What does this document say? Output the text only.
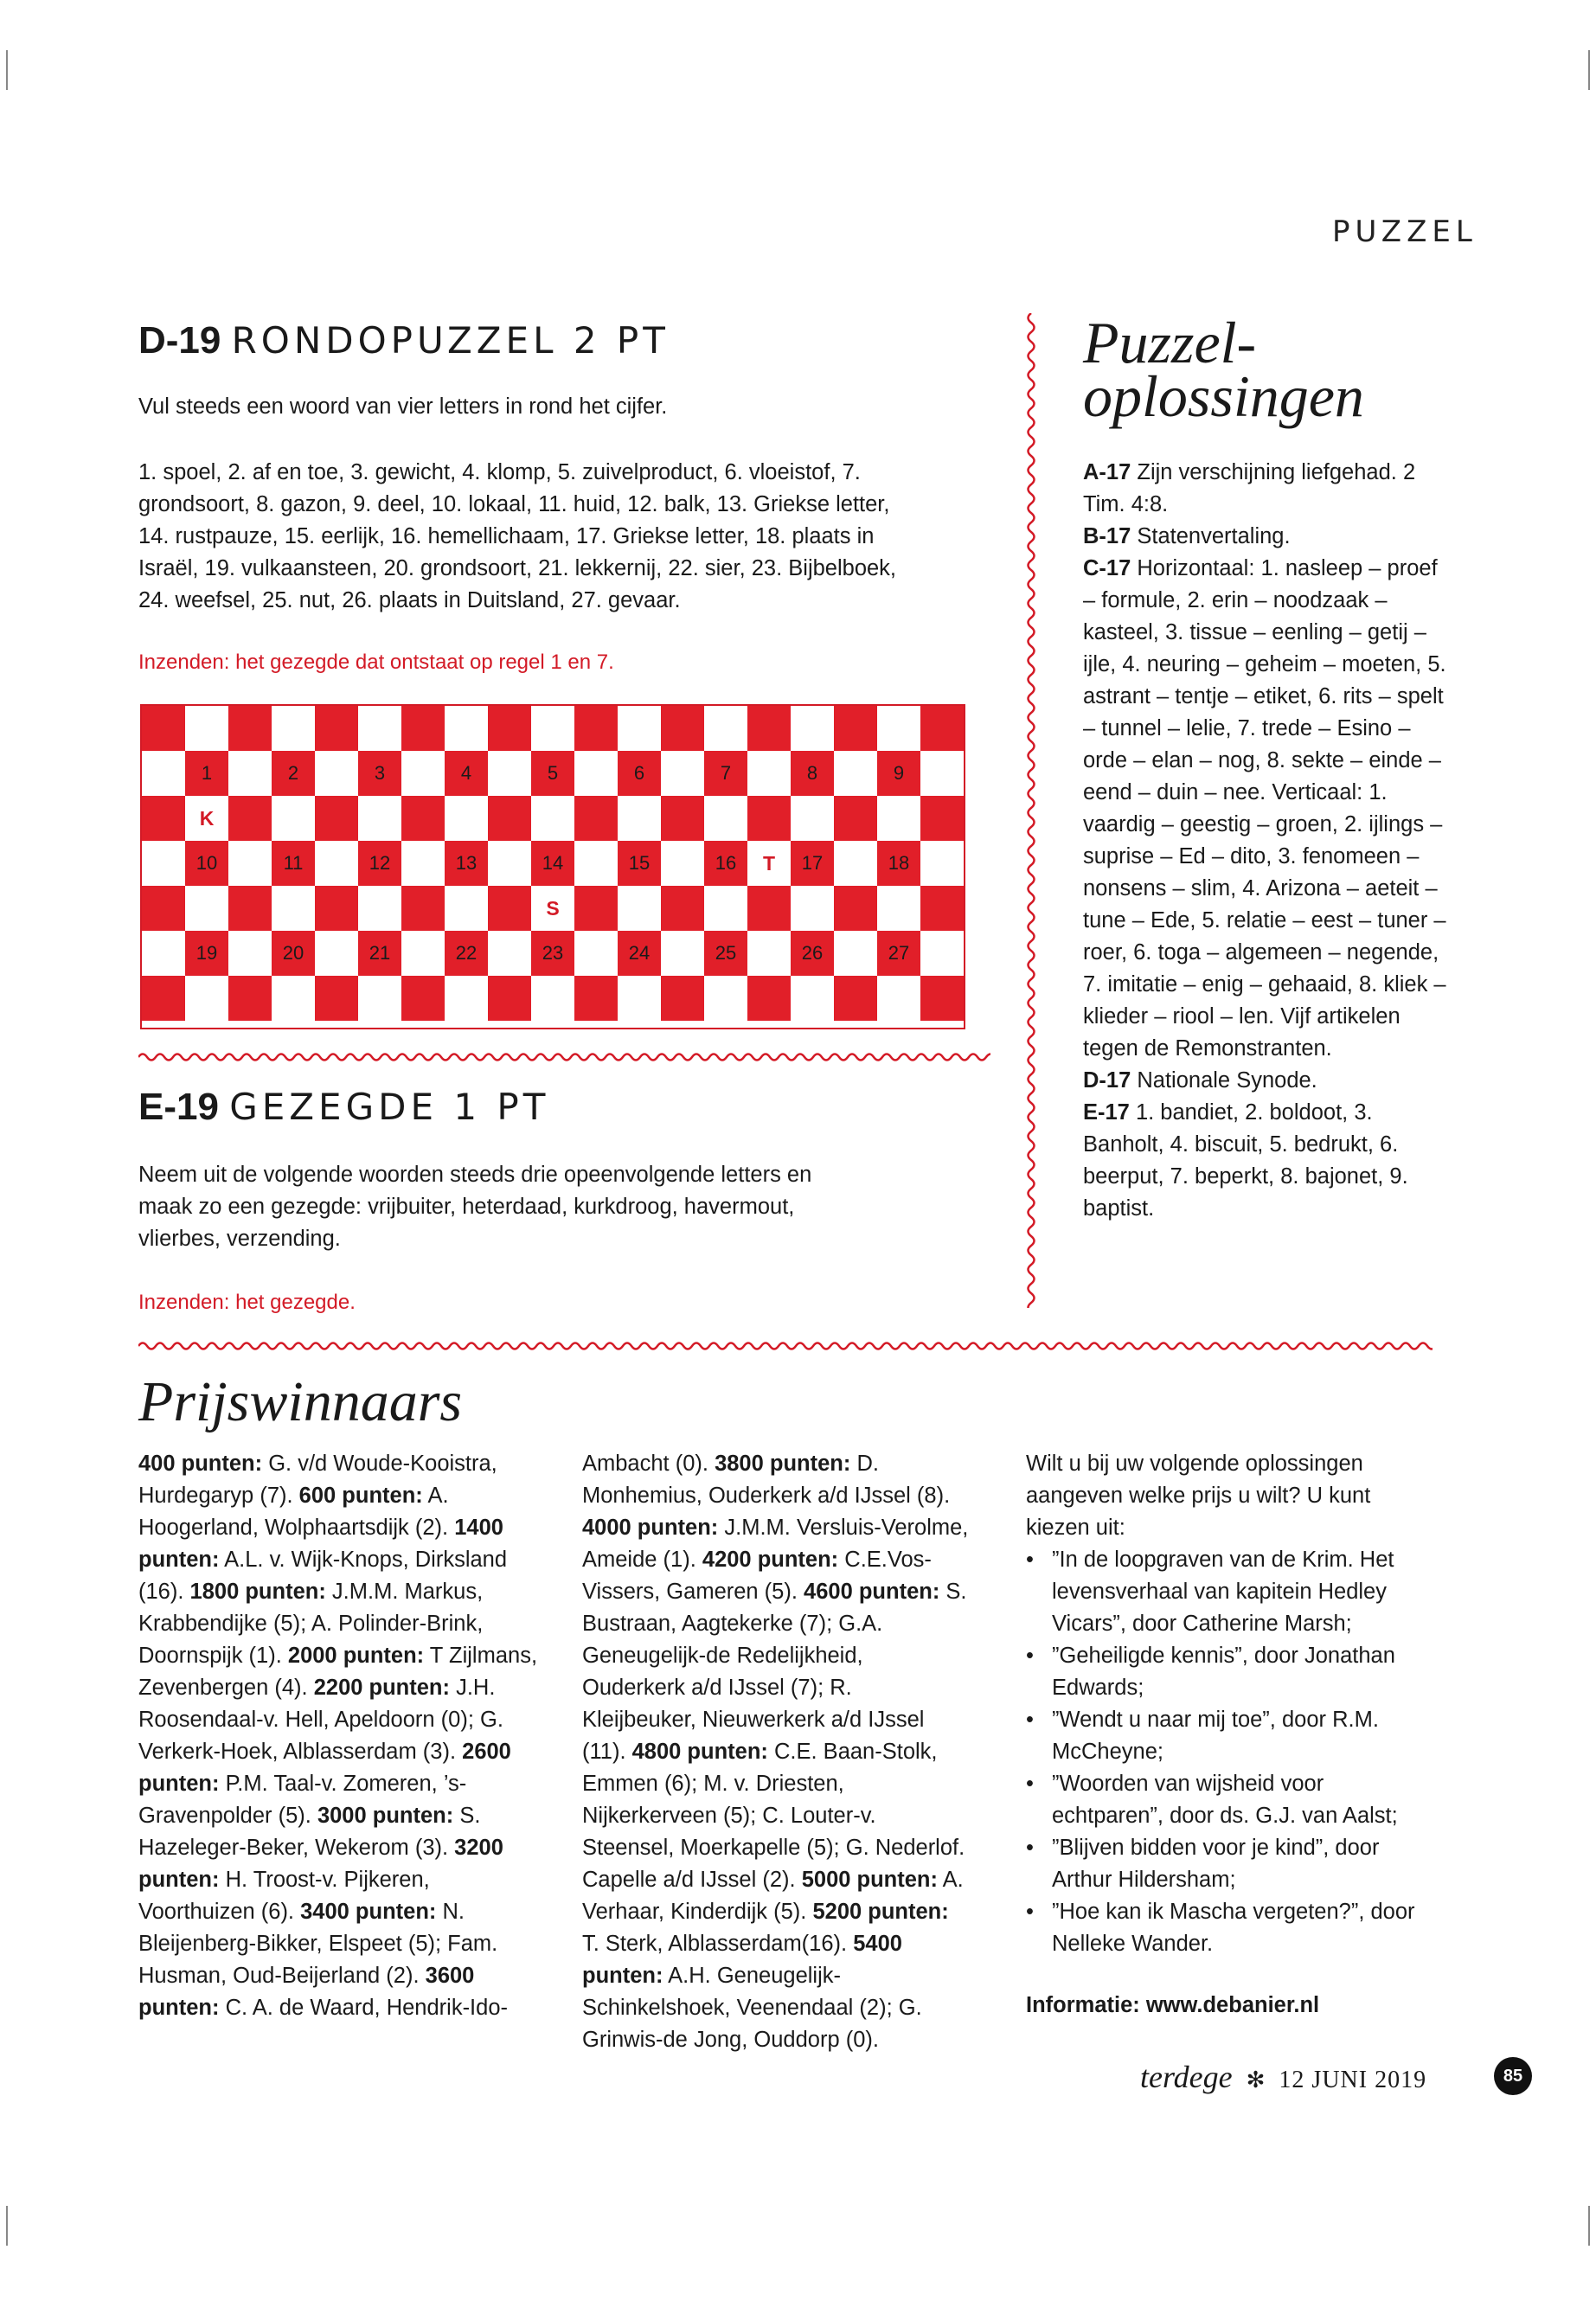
PUZZEL
D-19 RONDOPUZZEL 2 PT
Vul steeds een woord van vier letters in rond het cijfer.
1. spoel, 2. af en toe, 3. gewicht, 4. klomp, 5. zuivelproduct, 6. vloeistof, 7.
grondsoort, 8. gazon, 9. deel, 10. lokaal, 11. huid, 12. balk, 13. Griekse letter,
14. rustpauze, 15. eerlijk, 16. hemellichaam, 17. Griekse letter, 18. plaats in
Israël, 19. vulkaansteen, 20. grondsoort, 21. lekkernij, 22. sier, 23. Bijbelboek,
24. weefsel, 25. nut, 26. plaats in Duitsland, 27. gevaar.
Inzenden: het gezegde dat ontstaat op regel 1 en 7.
1	2	3	4	5	6	7	8	9
K
10	11	12	13	14	15	16	T	17	18
S
19	20	21	22	23	24	25	26	27
E-19 GEZEGDE 1 PT
Neem uit de volgende woorden steeds drie opeenvolgende letters en
maak zo een gezegde: vrijbuiter, heterdaad, kurkdroog, havermout,
vlierbes, verzending.
Inzenden: het gezegde.
Puzzel-
oplossingen
A-17 Zijn verschijning liefgehad. 2 Tim. 4:8.
B-17 Statenvertaling.
C-17 Horizontaal: 1. nasleep – proef – formule, 2. erin – noodzaak – kasteel, 3. tissue – eenling – getij – ijle, 4. neuring – geheim – moeten, 5. astrant – tentje – etiket, 6. rits – spelt – tunnel – lelie, 7. trede – Esino – orde – elan – nog, 8. sekte – einde – eend – duin – nee. Verticaal: 1. vaardig – geestig – groen, 2. ijlings – suprise – Ed – dito, 3. fenomeen – nonsens – slim, 4. Arizona – aeteit – tune – Ede, 5. relatie – eest – tuner – roer, 6. toga – algemeen – negende, 7. imitatie – enig – gehaaid, 8. kliek – klieder – riool – len. Vijf artikelen tegen de Remonstranten.
D-17 Nationale Synode.
E-17 1. bandiet, 2. boldoot, 3. Banholt, 4. biscuit, 5. bedrukt, 6. beerput, 7. beperkt, 8. bajonet, 9. baptist.
Prijswinnaars
400 punten: G. v/d Woude-Kooistra, Hurdegaryp (7). 600 punten: A. Hoogerland, Wolphaartsdijk (2). 1400 punten: A.L. v. Wijk-Knops, Dirksland (16). 1800 punten: J.M.M. Markus, Krabbendijke (5); A. Polinder-Brink, Doornspijk (1). 2000 punten: T Zijlmans, Zevenbergen (4). 2200 punten: J.H. Roosendaal-v. Hell, Apeldoorn (0); G. Verkerk-Hoek, Alblasserdam (3). 2600 punten: P.M. Taal-v. Zomeren, ’s-Gravenpolder (5). 3000 punten: S. Hazeleger-Beker, Wekerom (3). 3200 punten: H. Troost-v. Pijkeren, Voorthuizen (6). 3400 punten: N. Bleijenberg-Bikker, Elspeet (5); Fam. Husman, Oud-Beijerland (2). 3600 punten: C. A. de Waard, Hendrik-Ido-
Ambacht (0). 3800 punten: D. Monhemius, Ouderkerk a/d IJssel (8). 4000 punten: J.M.M. Versluis-Verolme, Ameide (1). 4200 punten: C.E.Vos-Vissers, Gameren (5). 4600 punten: S. Bustraan, Aagtekerke (7); G.A. Geneugelijk-de Redelijkheid, Ouderkerk a/d IJssel (7); R. Kleijbeuker, Nieuwerkerk a/d IJssel (11). 4800 punten: C.E. Baan-Stolk, Emmen (6); M. v. Driesten, Nijkerkerveen (5); C. Louter-v. Steensel, Moerkapelle (5); G. Nederlof. Capelle a/d IJssel (2). 5000 punten: A. Verhaar, Kinderdijk (5). 5200 punten: T. Sterk, Alblasserdam(16). 5400 punten: A.H. Geneugelijk-Schinkelshoek, Veenendaal (2); G. Grinwis-de Jong, Ouddorp (0).
Wilt u bij uw volgende oplossingen aangeven welke prijs u wilt? U kunt kiezen uit:
• ”In de loopgraven van de Krim. Het levensverhaal van kapitein Hedley Vicars”, door Catherine Marsh;
• ”Geheiligde kennis”, door Jonathan Edwards;
• ”Wendt u naar mij toe”, door R.M. McCheyne;
• ”Woorden van wijsheid voor echtparen”, door ds. G.J. van Aalst;
• ”Blijven bidden voor je kind”, door Arthur Hildersham;
• ”Hoe kan ik Mascha vergeten?”, door Nelleke Wander.
Informatie: www.debanier.nl
terdege ✻ 12 JUNI 2019	85
